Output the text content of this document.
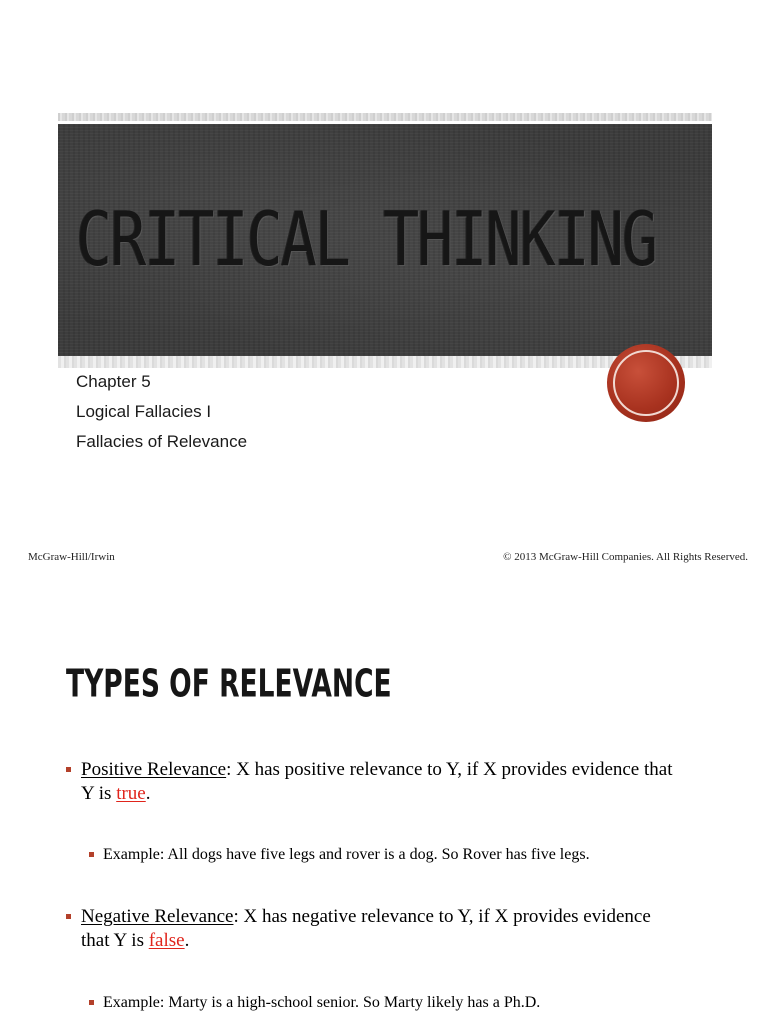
CRITICAL THINKING
Chapter 5
Logical Fallacies I
Fallacies of Relevance
McGraw-Hill/Irwin	© 2013 McGraw-Hill Companies. All Rights Reserved.
TYPES OF RELEVANCE
Positive Relevance: X has positive relevance to Y, if X provides evidence that Y is true.
Example: All dogs have five legs and rover is a dog. So Rover has five legs.
Negative Relevance: X has negative relevance to Y, if X provides evidence that Y is false.
Example: Marty is a high-school senior. So Marty likely has a Ph.D.
